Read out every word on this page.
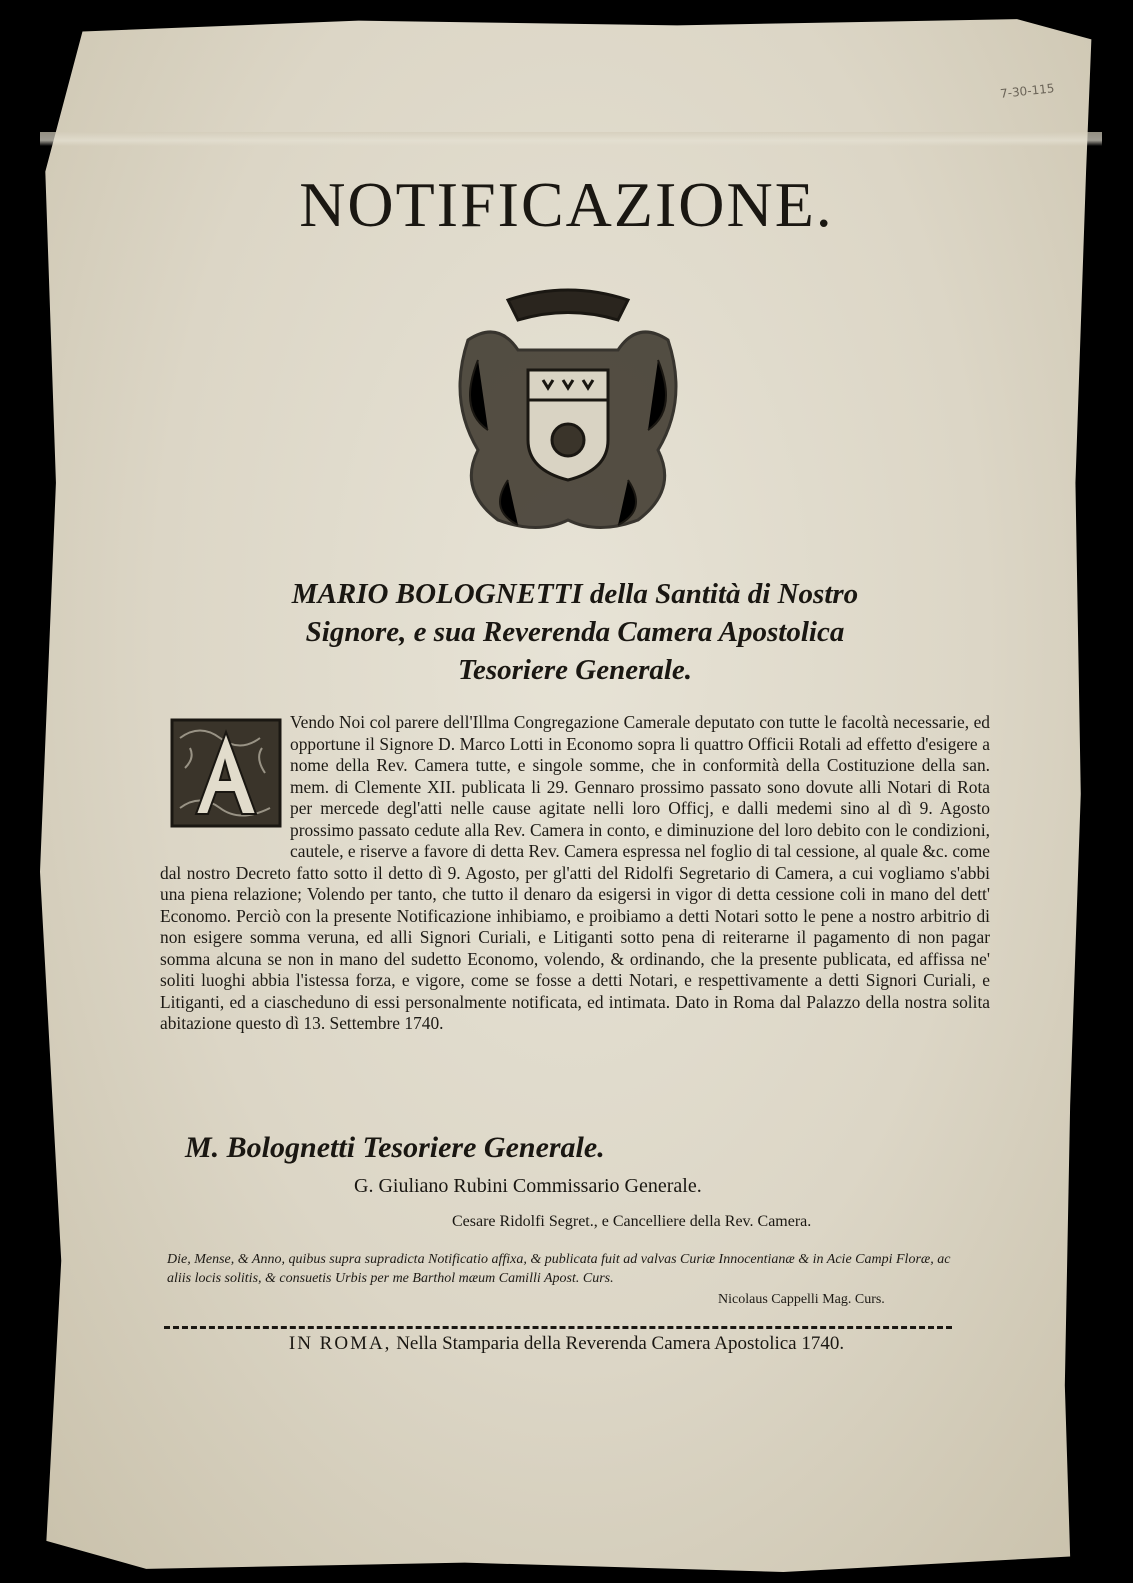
7-30-115
NOTIFICAZIONE.
MARIO BOLOGNETTI della Santità di Nostro
Signore, e sua Reverenda Camera Apostolica
Tesoriere Generale.
Vendo Noi col parere dell'Illma Congregazione Camerale deputato con tutte le facoltà necessarie, ed opportune il Signore D. Marco Lotti in Economo sopra li quattro Officii Rotali ad effetto d'esigere a nome della Rev. Camera tutte, e singole somme, che in conformità della Costituzione della san. mem. di Clemente XII. publicata li 29. Gennaro prossimo passato sono dovute alli Notari di Rota per mercede degl'atti nelle cause agitate nelli loro Officj, e dalli medemi sino al dì 9. Agosto prossimo passato cedute alla Rev. Camera in conto, e diminuzione del loro debito con le condizioni, cautele, e riserve a favore di detta Rev. Camera espressa nel foglio di tal cessione, al quale &c. come dal nostro Decreto fatto sotto il detto dì 9. Agosto, per gl'atti del Ridolfi Segretario di Camera, a cui vogliamo s'abbi una piena relazione; Volendo per tanto, che tutto il denaro da esigersi in vigor di detta cessione coli in mano del dett' Economo. Perciò con la presente Notificazione inhibiamo, e proibiamo a detti Notari sotto le pene a nostro arbitrio di non esigere somma veruna, ed alli Signori Curiali, e Litiganti sotto pena di reiterarne il pagamento di non pagar somma alcuna se non in mano del sudetto Economo, volendo, & ordinando, che la presente publicata, ed affissa ne' soliti luoghi abbia l'istessa forza, e vigore, come se fosse a detti Notari, e respettivamente a detti Signori Curiali, e Litiganti, ed a ciascheduno di essi personalmente notificata, ed intimata. Dato in Roma dal Palazzo della nostra solita abitazione questo dì 13. Settembre 1740.
M. Bolognetti Tesoriere Generale.
G. Giuliano Rubini Commissario Generale.
Cesare Ridolfi Segret., e Cancelliere della Rev. Camera.
Die, Mense, & Anno, quibus supra supradicta Notificatio affixa, & publicata fuit ad valvas Curiæ Innocentianæ & in Acie Campi Floræ, ac aliis locis solitis, & consuetis Urbis per me Barthol mæum Camilli Apost. Curs.
Nicolaus Cappelli Mag. Curs.
IN ROMA, Nella Stamparia della Reverenda Camera Apostolica 1740.
